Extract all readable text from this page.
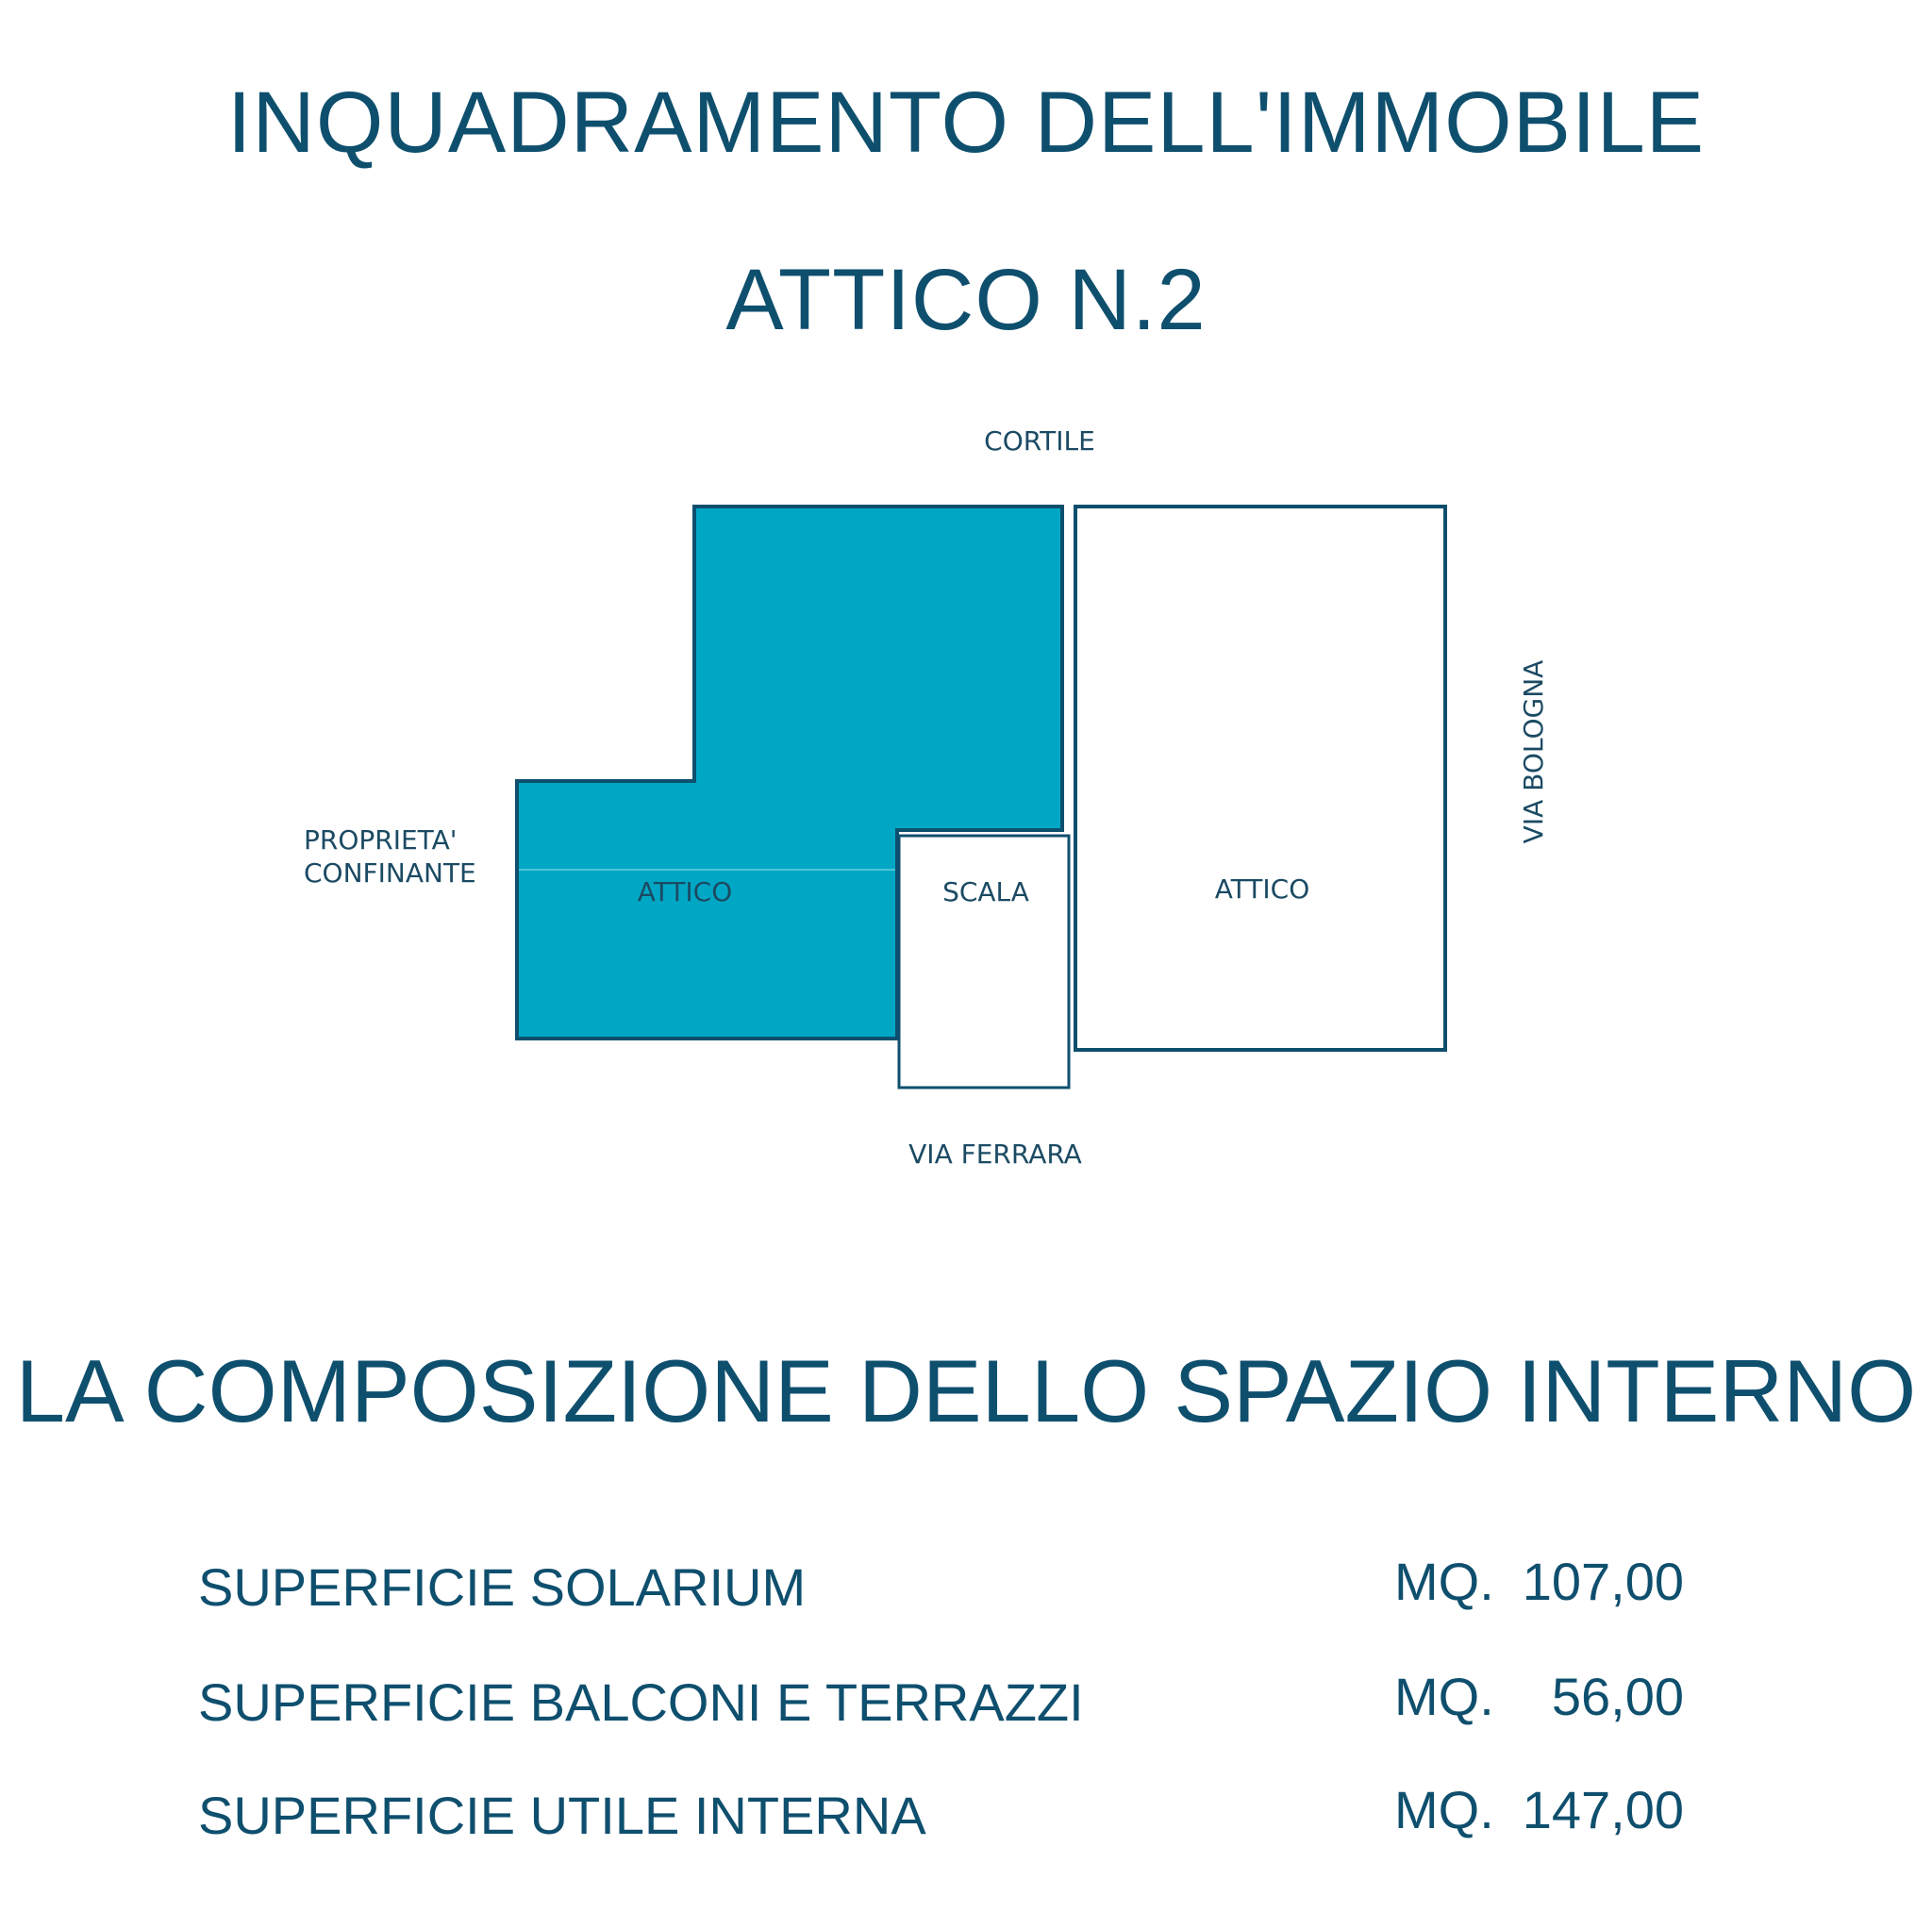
INQUADRAMENTO DELL'IMMOBILE
ATTICO N.2
ATTICO	SCALA	ATTICO
CORTILE
VIA FERRARA
PROPRIETA'
CONFINANTE
VIA BOLOGNA
LA COMPOSIZIONE DELLO SPAZIO INTERNO
SUPERFICIE SOLARIUM	MQ. 107,00
SUPERFICIE BALCONI E TERRAZZI	MQ. 56,00
SUPERFICIE UTILE INTERNA	MQ. 147,00
